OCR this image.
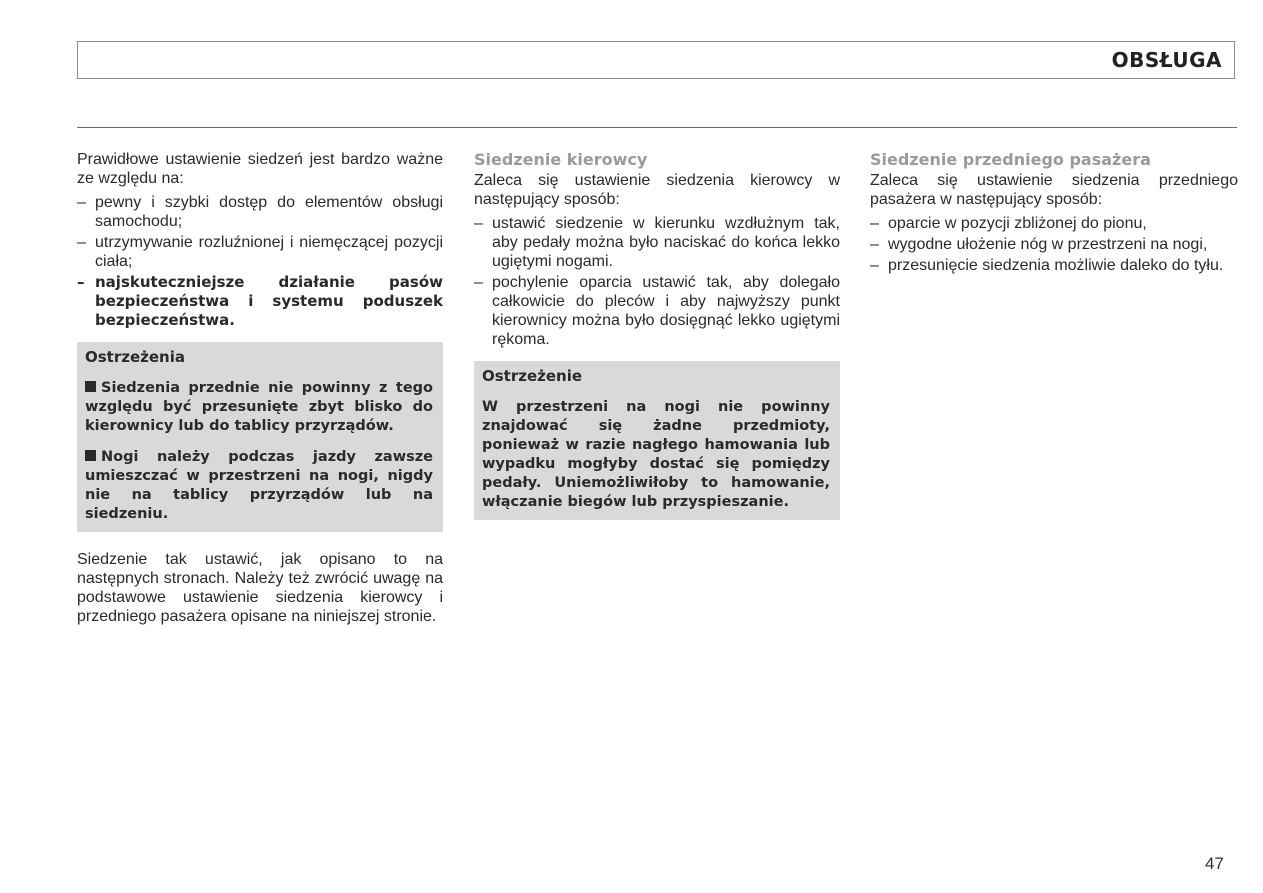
OBSŁUGA

Prawidłowe ustawienie siedzeń jest bardzo ważne ze względu na:

– pewny i szybki dostęp do elementów obsługi samochodu;
– utrzymywanie rozluźnionej i niemęczącej pozycji ciała;
– najskuteczniejsze działanie pasów bezpieczeństwa i systemu poduszek bezpieczeństwa.
Ostrzeżenia
Siedzenia przednie nie powinny z tego względu być przesunięte zbyt blisko do kierownicy lub do tablicy przyrządów.
Nogi należy podczas jazdy zawsze umieszczać w przestrzeni na nogi, nigdy nie na tablicy przyrządów lub na siedzeniu.

Siedzenie tak ustawić, jak opisano to na następnych stronach. Należy też zwrócić uwagę na podstawowe ustawienie siedzenia kierowcy i przedniego pasażera opisane na niniejszej stronie.

Siedzenie kierowcy

Zaleca się ustawienie siedzenia kierowcy w następujący sposób:

– ustawić siedzenie w kierunku wzdłużnym tak, aby pedały można było naciskać do końca lekko ugiętymi nogami.
– pochylenie oparcia ustawić tak, aby dolegało całkowicie do pleców i aby najwyższy punkt kierownicy można było dosięgnąć lekko ugiętymi rękoma.
Ostrzeżenie
W przestrzeni na nogi nie powinny znajdować się żadne przedmioty, ponieważ w razie nagłego hamowania lub wypadku mogłyby dostać się pomiędzy pedały. Uniemożliwiłoby to hamowanie, włączanie biegów lub przyspieszanie.
Siedzenie przedniego pasażera

Zaleca się ustawienie siedzenia przedniego pasażera w następujący sposób:

– oparcie w pozycji zbliżonej do pionu,
– wygodne ułożenie nóg w przestrzeni na nogi,
– przesunięcie siedzenia możliwie daleko do tyłu.
47
